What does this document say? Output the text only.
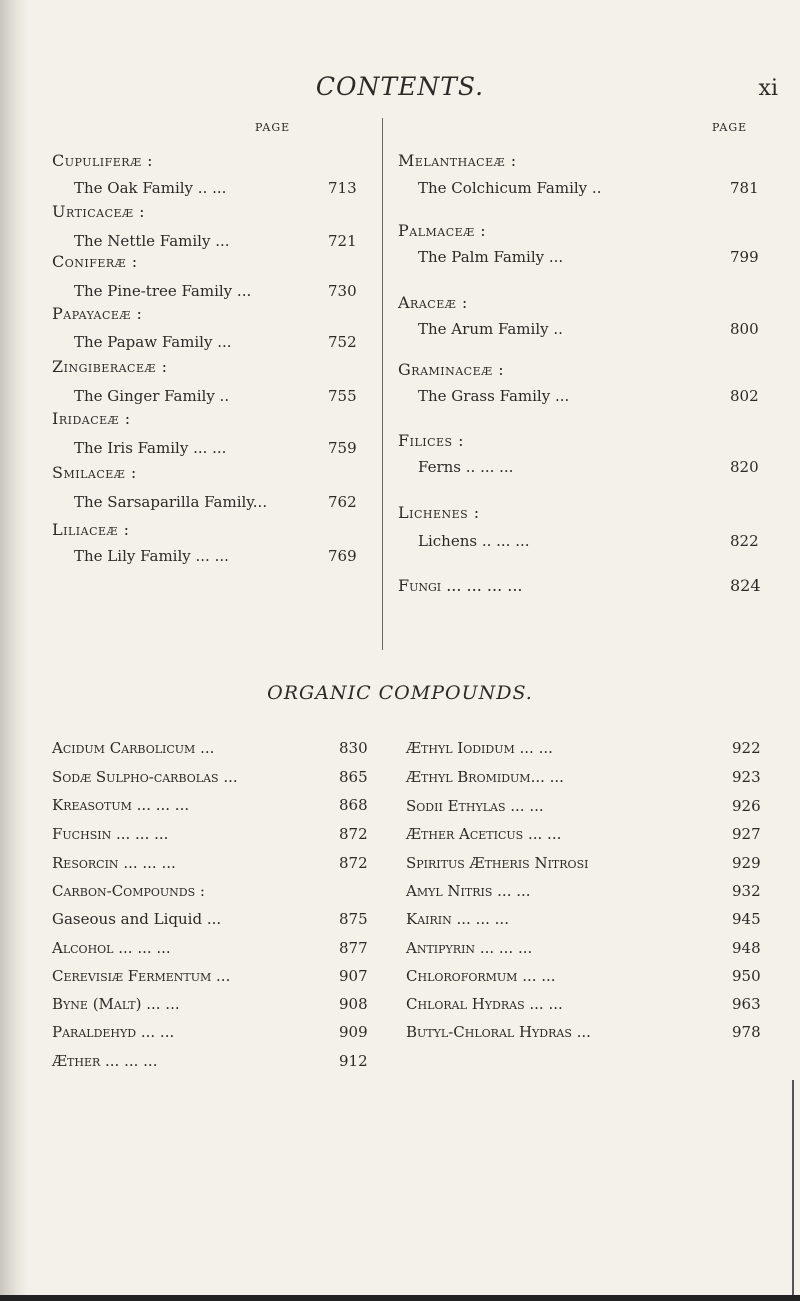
CONTENTS.	xi
PAGE	PAGE
Cupuliferæ :
The Oak Family .. ...	713
Urticaceæ :
The Nettle Family ...	721
Coniferæ :
The Pine-tree Family ...	730
Papayaceæ :
The Papaw Family ...	752
Zingiberaceæ :
The Ginger Family ..	755
Iridaceæ :
The Iris Family ... ...	759
Smilaceæ :
The Sarsaparilla Family...	762
Liliaceæ :
The Lily Family ... ...	769
Melanthaceæ :
The Colchicum Family ..	781
Palmaceæ :
The Palm Family ...	799
Araceæ :
The Arum Family ..	800
Graminaceæ :
The Grass Family ...	802
Filices :
Ferns .. ... ...	820
Lichenes :
Lichens .. ... ...	822
Fungi ... ... ... ...	824
ORGANIC COMPOUNDS.
Acidum Carbolicum ...	830
Sodæ Sulpho-carbolas ...	865
Kreasotum ... ... ...	868
Fuchsin ... ... ...	872
Resorcin ... ... ...	872
Carbon-Compounds :
Gaseous and Liquid ...	875
Alcohol ... ... ...	877
Cerevisiæ Fermentum ...	907
Byne (Malt) ... ...	908
Paraldehyd ... ...	909
Æther ... ... ...	912
Æthyl Iodidum ... ...	922
Æthyl Bromidum... ...	923
Sodii Ethylas ... ...	926
Æther Aceticus ... ...	927
Spiritus Ætheris Nitrosi	929
Amyl Nitris ... ...	932
Kairin ... ... ...	945
Antipyrin ... ... ...	948
Chloroformum ... ...	950
Chloral Hydras ... ...	963
Butyl-Chloral Hydras ...	978
